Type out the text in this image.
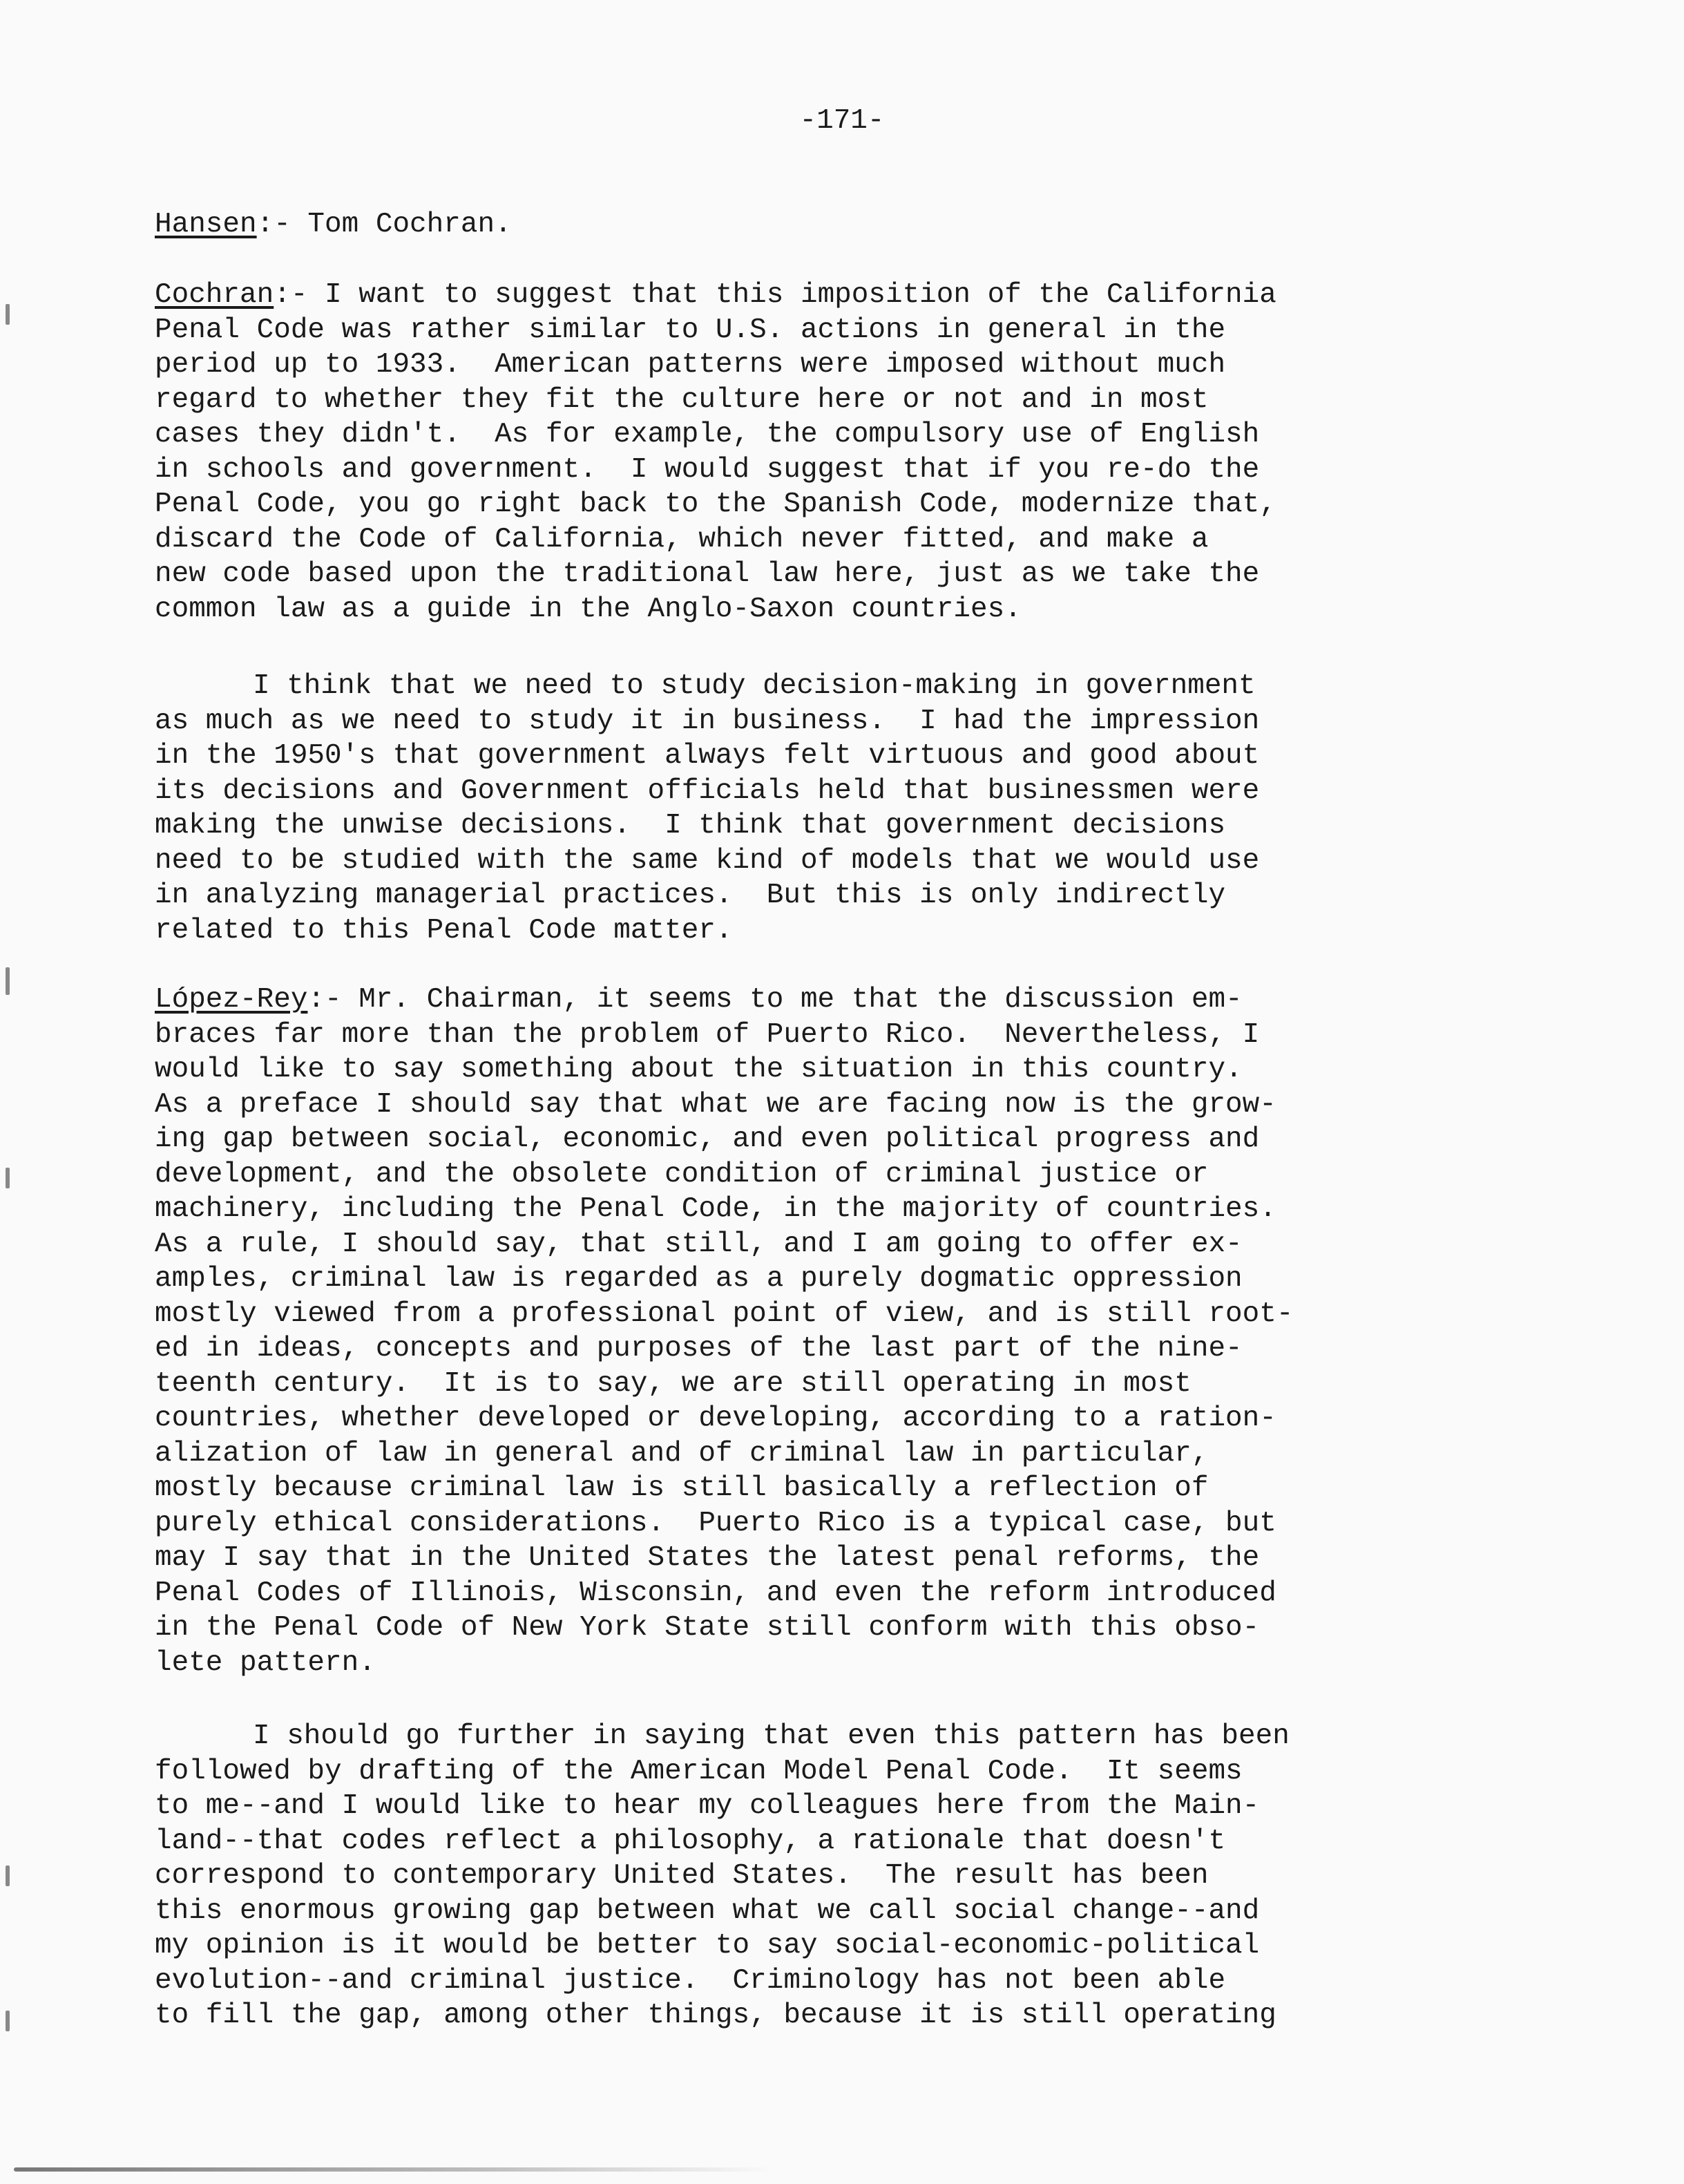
-171-
Hansen:- Tom Cochran.
Cochran:- I want to suggest that this imposition of the California
Penal Code was rather similar to U.S. actions in general in the
period up to 1933.  American patterns were imposed without much
regard to whether they fit the culture here or not and in most
cases they didn't.  As for example, the compulsory use of English
in schools and government.  I would suggest that if you re-do the
Penal Code, you go right back to the Spanish Code, modernize that,
discard the Code of California, which never fitted, and make a
new code based upon the traditional law here, just as we take the
common law as a guide in the Anglo-Saxon countries.
I think that we need to study decision-making in government
as much as we need to study it in business.  I had the impression
in the 1950's that government always felt virtuous and good about
its decisions and Government officials held that businessmen were
making the unwise decisions.  I think that government decisions
need to be studied with the same kind of models that we would use
in analyzing managerial practices.  But this is only indirectly
related to this Penal Code matter.
López-Rey:- Mr. Chairman, it seems to me that the discussion em-
braces far more than the problem of Puerto Rico.  Nevertheless, I
would like to say something about the situation in this country.
As a preface I should say that what we are facing now is the grow-
ing gap between social, economic, and even political progress and
development, and the obsolete condition of criminal justice or
machinery, including the Penal Code, in the majority of countries.
As a rule, I should say, that still, and I am going to offer ex-
amples, criminal law is regarded as a purely dogmatic oppression
mostly viewed from a professional point of view, and is still root-
ed in ideas, concepts and purposes of the last part of the nine-
teenth century.  It is to say, we are still operating in most
countries, whether developed or developing, according to a ration-
alization of law in general and of criminal law in particular,
mostly because criminal law is still basically a reflection of
purely ethical considerations.  Puerto Rico is a typical case, but
may I say that in the United States the latest penal reforms, the
Penal Codes of Illinois, Wisconsin, and even the reform introduced
in the Penal Code of New York State still conform with this obso-
lete pattern.
I should go further in saying that even this pattern has been
followed by drafting of the American Model Penal Code.  It seems
to me--and I would like to hear my colleagues here from the Main-
land--that codes reflect a philosophy, a rationale that doesn't
correspond to contemporary United States.  The result has been
this enormous growing gap between what we call social change--and
my opinion is it would be better to say social-economic-political
evolution--and criminal justice.  Criminology has not been able
to fill the gap, among other things, because it is still operating
